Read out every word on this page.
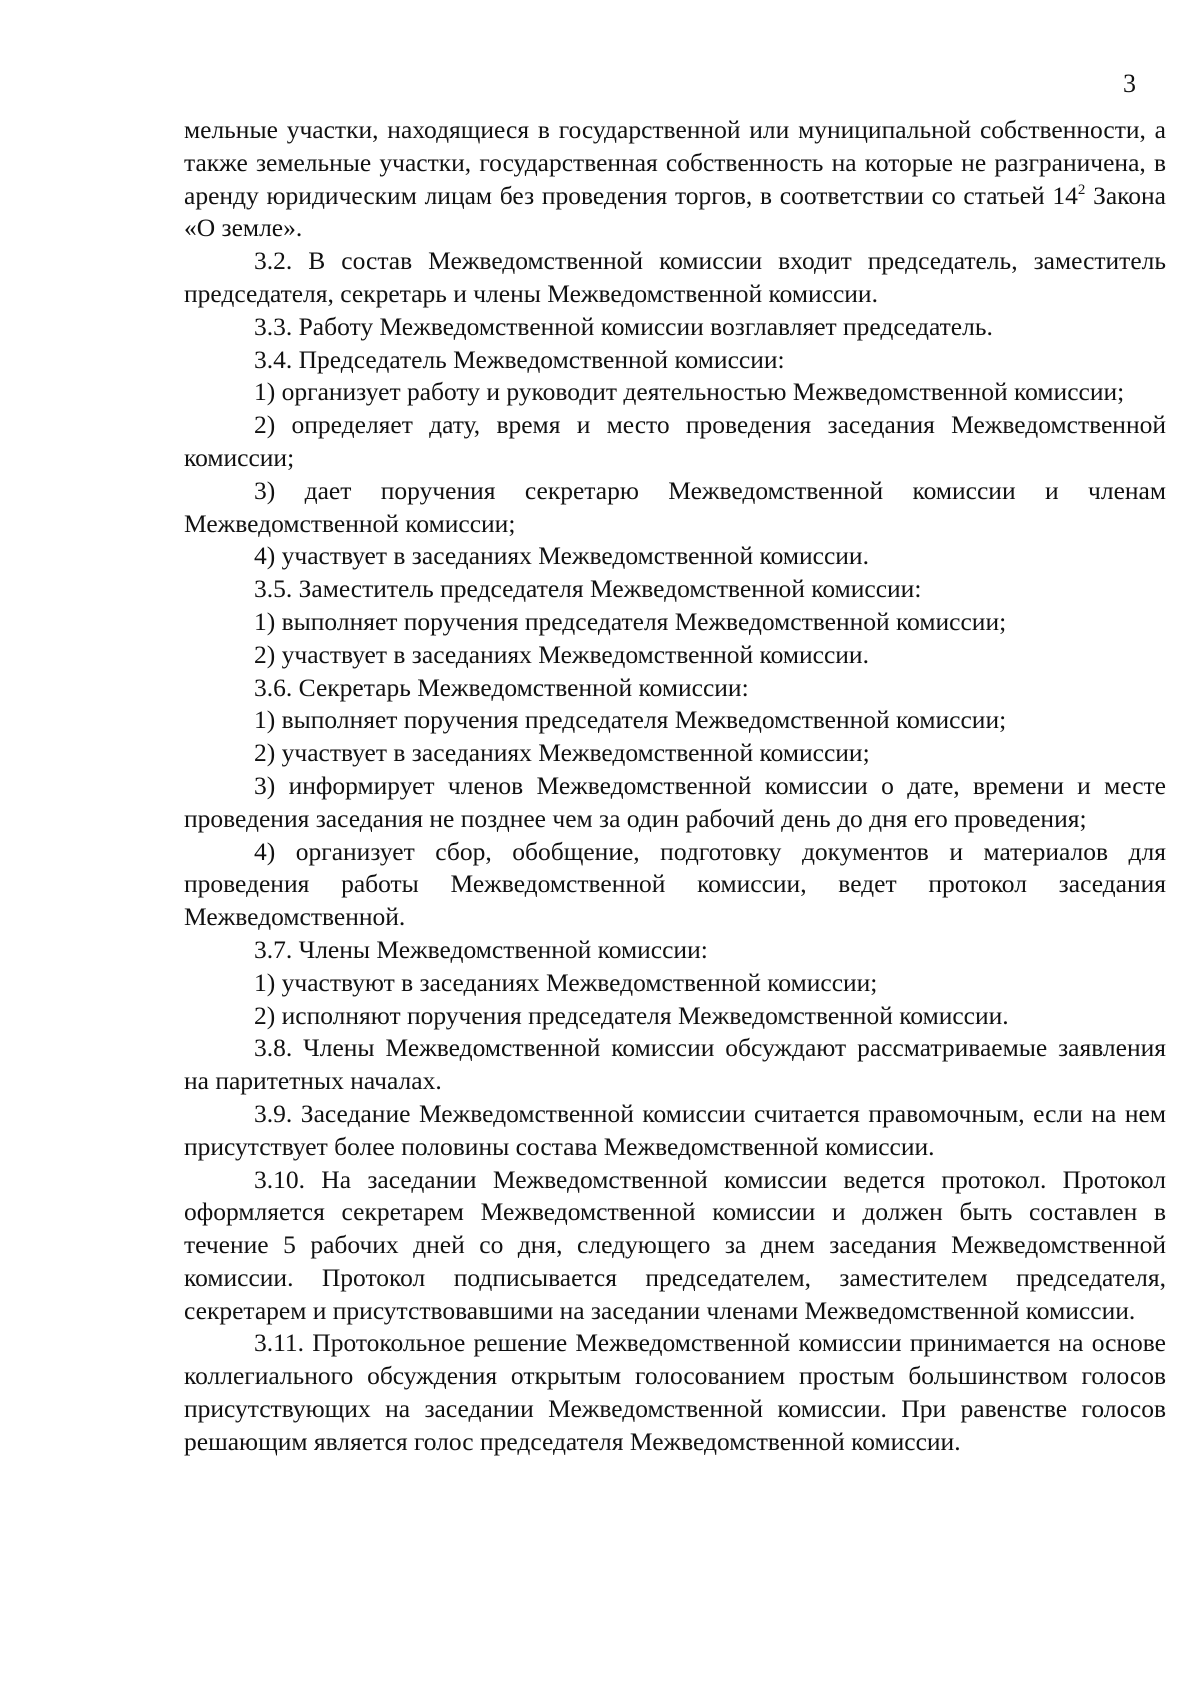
3

мельные участки, находящиеся в государственной или муниципальной собственности, а также земельные участки, государственная собственность на которые не разграничена, в аренду юридическим лицам без проведения торгов, в соответствии со статьей $14^2$ Закона «О земле».

3.2. В состав Межведомственной комиссии входит председатель, заместитель председателя, секретарь и члены Межведомственной комиссии.

3.3. Работу Межведомственной комиссии возглавляет председатель.

3.4. Председатель Межведомственной комиссии:

1) организует работу и руководит деятельностью Межведомственной комиссии;

2) определяет дату, время и место проведения заседания Межведомственной комиссии;

3) дает поручения секретарю Межведомственной комиссии и членам Межведомственной комиссии;

4) участвует в заседаниях Межведомственной комиссии.

3.5. Заместитель председателя Межведомственной комиссии:

1) выполняет поручения председателя Межведомственной комиссии;

2) участвует в заседаниях Межведомственной комиссии.

3.6. Секретарь Межведомственной комиссии:

1) выполняет поручения председателя Межведомственной комиссии;

2) участвует в заседаниях Межведомственной комиссии;

3) информирует членов Межведомственной комиссии о дате, времени и месте проведения заседания не позднее чем за один рабочий день до дня его проведения;

4) организует сбор, обобщение, подготовку документов и материалов для проведения работы Межведомственной комиссии, ведет протокол заседания Межведомственной.

3.7. Члены Межведомственной комиссии:

1) участвуют в заседаниях Межведомственной комиссии;

2) исполняют поручения председателя Межведомственной комиссии.

3.8. Члены Межведомственной комиссии обсуждают рассматриваемые заявления на паритетных началах.

3.9. Заседание Межведомственной комиссии считается правомочным, если на нем присутствует более половины состава Межведомственной комиссии.

3.10. На заседании Межведомственной комиссии ведется протокол. Протокол оформляется секретарем Межведомственной комиссии и должен быть составлен в течение 5 рабочих дней со дня, следующего за днем заседания Межведомственной комиссии. Протокол подписывается председателем, заместителем председателя, секретарем и присутствовавшими на заседании членами Межведомственной комиссии.

3.11. Протокольное решение Межведомственной комиссии принимается на основе коллегиального обсуждения открытым голосованием простым большинством голосов присутствующих на заседании Межведомственной комиссии. При равенстве голосов решающим является голос председателя Межведомственной комиссии.
